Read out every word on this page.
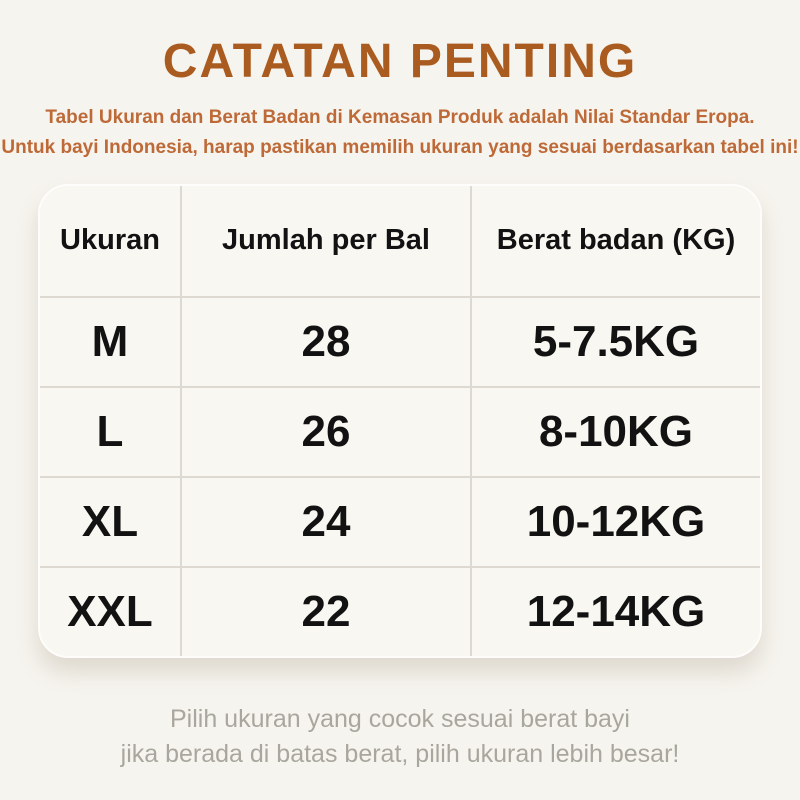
CATATAN PENTING
Tabel Ukuran dan Berat Badan di Kemasan Produk adalah Nilai Standar Eropa.
Untuk bayi Indonesia, harap pastikan memilih ukuran yang sesuai berdasarkan tabel ini!
Ukuran	Jumlah per Bal	Berat badan (KG)
M	28	5-7.5KG
L	26	8-10KG
XL	24	10-12KG
XXL	22	12-14KG
Pilih ukuran yang cocok sesuai berat bayi
jika berada di batas berat, pilih ukuran lebih besar!
